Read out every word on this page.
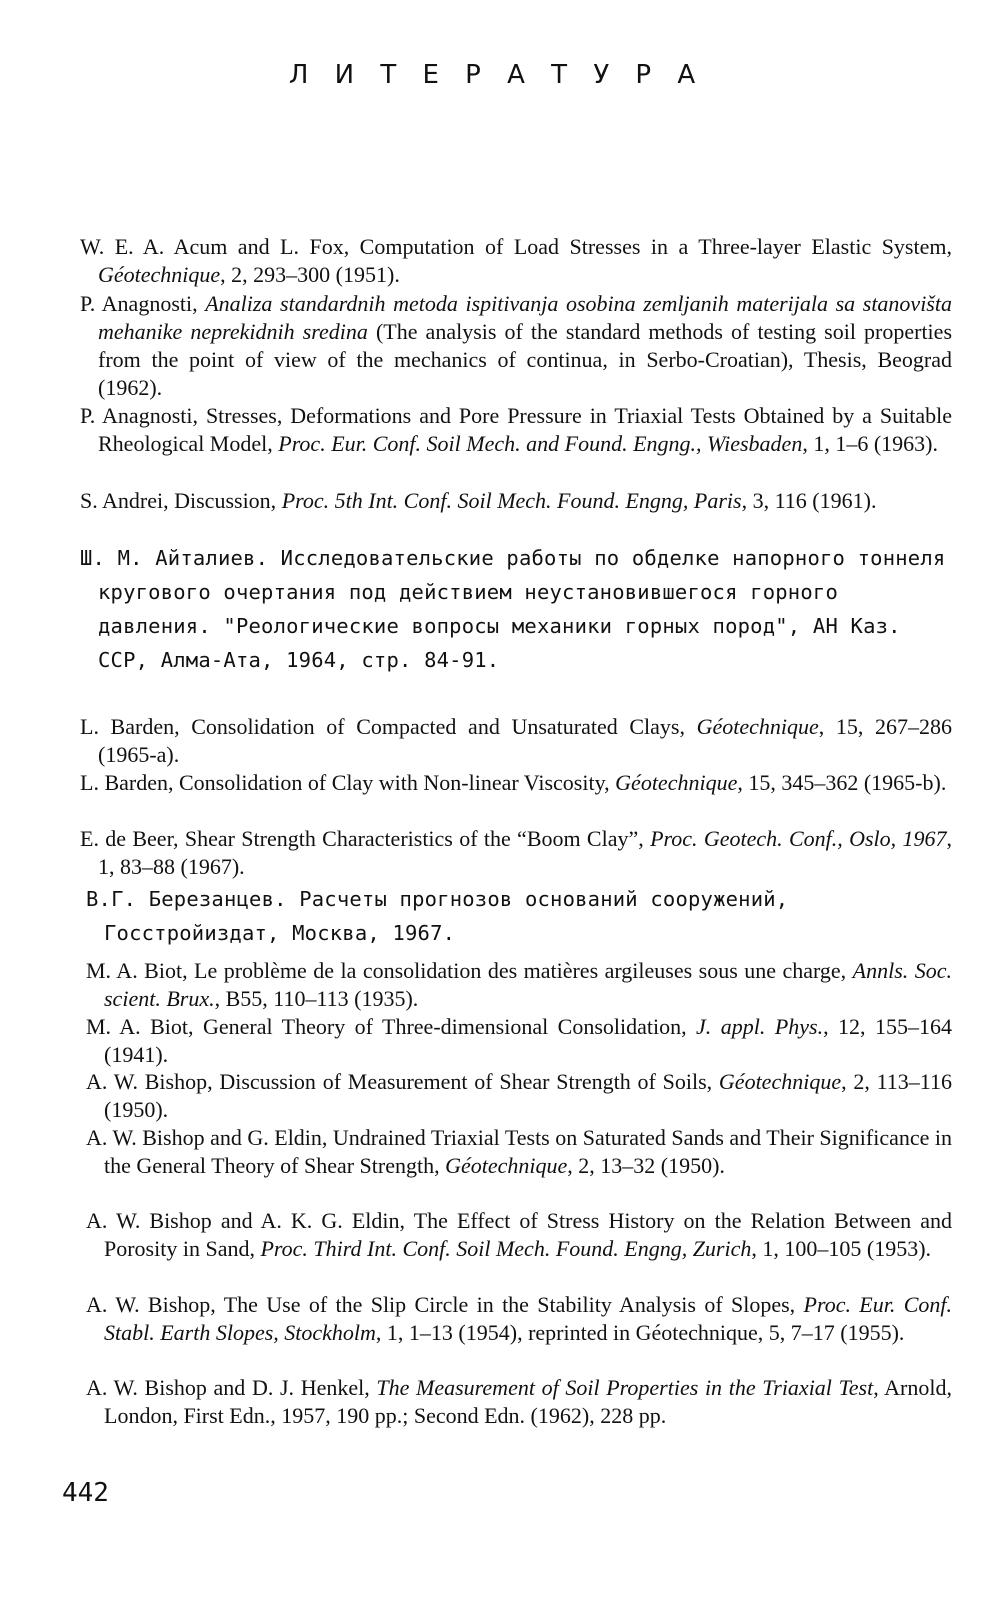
Л И Т Е Р А Т У Р А
W. E. A. Acum and L. Fox, Computation of Load Stresses in a Three-layer Elastic System, Géotechnique, 2, 293–300 (1951).
P. Anagnosti, Analiza standardnih metoda ispitivanja osobina zemljanih materijala sa stanovišta mehanike neprekidnih sredina (The analysis of the standard methods of testing soil properties from the point of view of the mechanics of continua, in Serbo-Croatian), Thesis, Beograd (1962).
P. Anagnosti, Stresses, Deformations and Pore Pressure in Triaxial Tests Obtained by a Suitable Rheological Model, Proc. Eur. Conf. Soil Mech. and Found. Engng., Wiesbaden, 1, 1–6 (1963).
S. Andrei, Discussion, Proc. 5th Int. Conf. Soil Mech. Found. Engng, Paris, 3, 116 (1961).
Ш. М. Айталиев. Исследовательские работы по обделке напорного тоннеля кругового очертания под действием неустановившегося горного давления. "Реологические вопросы механики горных пород", АН Каз. ССР, Алма-Ата, 1964, стр. 84-91.
L. Barden, Consolidation of Compacted and Unsaturated Clays, Géotechnique, 15, 267–286 (1965-a).
L. Barden, Consolidation of Clay with Non-linear Viscosity, Géotechnique, 15, 345–362 (1965-b).
E. de Beer, Shear Strength Characteristics of the “Boom Clay”, Proc. Geotech. Conf., Oslo, 1967, 1, 83–88 (1967).
В.Г. Березанцев. Расчеты прогнозов оснований сооружений, Госстройиздат, Москва, 1967.
M. A. Biot, Le problème de la consolidation des matières argileuses sous une charge, Annls. Soc. scient. Brux., B55, 110–113 (1935).
M. A. Biot, General Theory of Three-dimensional Consolidation, J. appl. Phys., 12, 155–164 (1941).
A. W. Bishop, Discussion of Measurement of Shear Strength of Soils, Géotechnique, 2, 113–116 (1950).
A. W. Bishop and G. Eldin, Undrained Triaxial Tests on Saturated Sands and Their Significance in the General Theory of Shear Strength, Géotechnique, 2, 13–32 (1950).
A. W. Bishop and A. K. G. Eldin, The Effect of Stress History on the Relation Between and Porosity in Sand, Proc. Third Int. Conf. Soil Mech. Found. Engng, Zurich, 1, 100–105 (1953).
A. W. Bishop, The Use of the Slip Circle in the Stability Analysis of Slopes, Proc. Eur. Conf. Stabl. Earth Slopes, Stockholm, 1, 1–13 (1954), reprinted in Géotechnique, 5, 7–17 (1955).
A. W. Bishop and D. J. Henkel, The Measurement of Soil Properties in the Triaxial Test, Arnold, London, First Edn., 1957, 190 pp.; Second Edn. (1962), 228 pp.
442
